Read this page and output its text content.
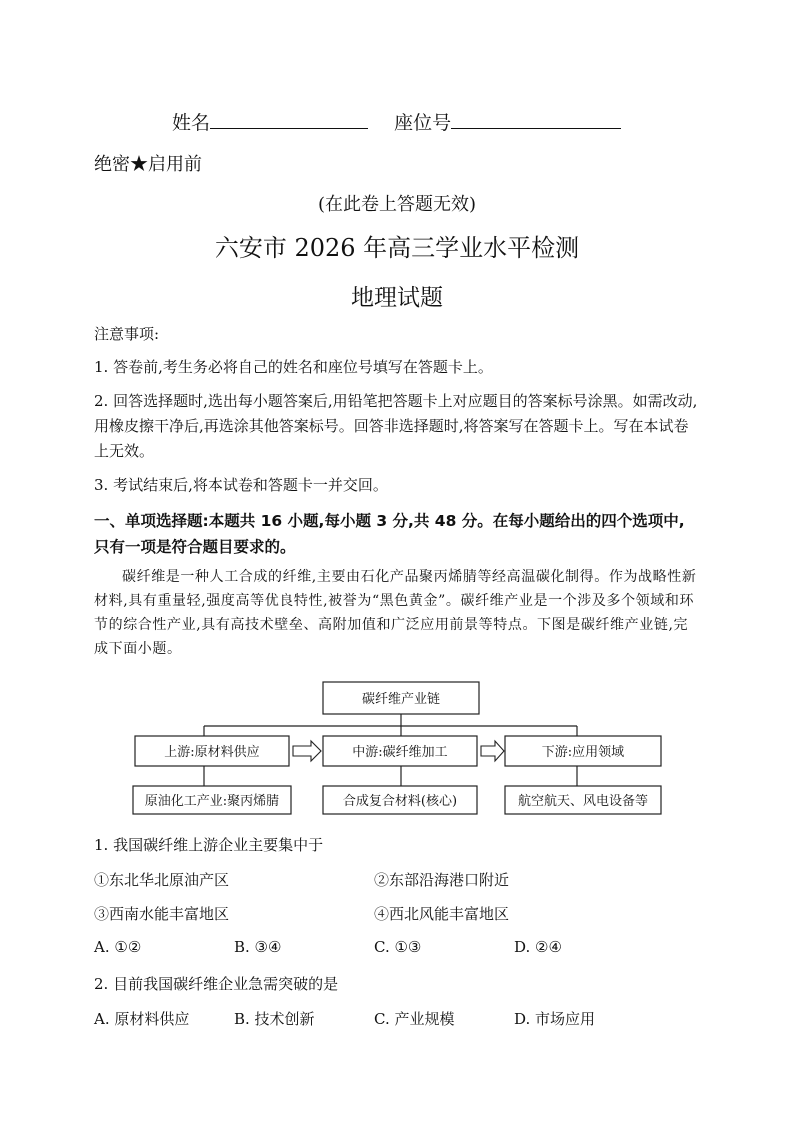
姓名	座位号
绝密★启用前
(在此卷上答题无效)
六安市 2026 年高三学业水平检测
地理试题
注意事项:
1. 答卷前,考生务必将自己的姓名和座位号填写在答题卡上。
2. 回答选择题时,选出每小题答案后,用铅笔把答题卡上对应题目的答案标号涂黑。如需改动,用橡皮擦干净后,再选涂其他答案标号。回答非选择题时,将答案写在答题卡上。写在本试卷上无效。
3. 考试结束后,将本试卷和答题卡一并交回。
一、单项选择题:本题共 16 小题,每小题 3 分,共 48 分。在每小题给出的四个选项中,只有一项是符合题目要求的。
碳纤维是一种人工合成的纤维,主要由石化产品聚丙烯腈等经高温碳化制得。作为战略性新材料,具有重量轻,强度高等优良特性,被誉为“黑色黄金”。碳纤维产业是一个涉及多个领域和环节的综合性产业,具有高技术壁垒、高附加值和广泛应用前景等特点。下图是碳纤维产业链,完成下面小题。
碳纤维产业链
上游:原材料供应	中游:碳纤维加工	下游:应用领域
原油化工产业:聚丙烯腈	合成复合材料(核心)	航空航天、风电设备等
1. 我国碳纤维上游企业主要集中于
①东北华北原油产区	②东部沿海港口附近
③西南水能丰富地区	④西北风能丰富地区
A. ①②	B. ③④	C. ①③	D. ②④
2. 目前我国碳纤维企业急需突破的是
A. 原材料供应	B. 技术创新	C. 产业规模	D. 市场应用
